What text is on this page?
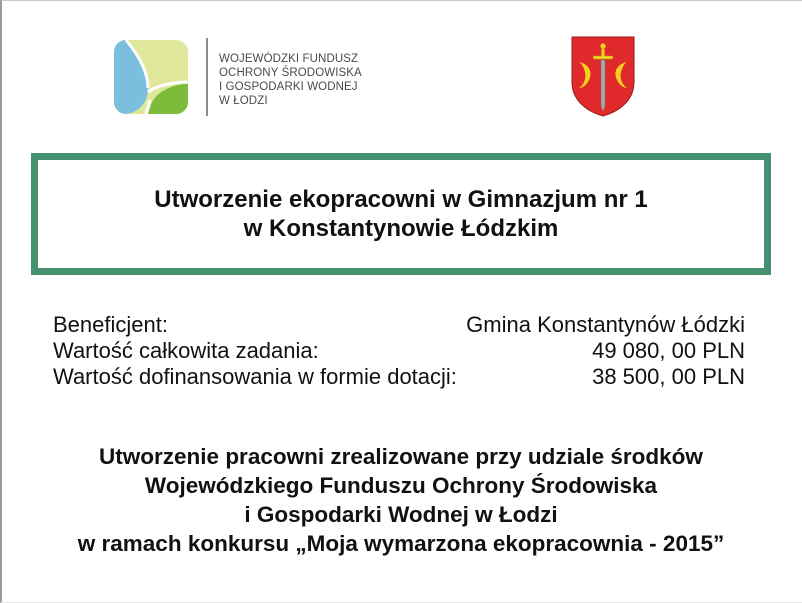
WOJEWÓDZKI FUNDUSZ
OCHRONY ŚRODOWISKA
I GOSPODARKI WODNEJ
W ŁODZI
Utworzenie ekopracowni w Gimnazjum nr 1
w Konstantynowie Łódzkim
Beneficjent:	Gmina Konstantynów Łódzki
Wartość całkowita zadania:	49 080, 00 PLN
Wartość dofinansowania w formie dotacji:	38 500, 00 PLN
Utworzenie pracowni zrealizowane przy udziale środków
Wojewódzkiego Funduszu Ochrony Środowiska
i Gospodarki Wodnej w Łodzi
w ramach konkursu „Moja wymarzona ekopracownia - 2015”
